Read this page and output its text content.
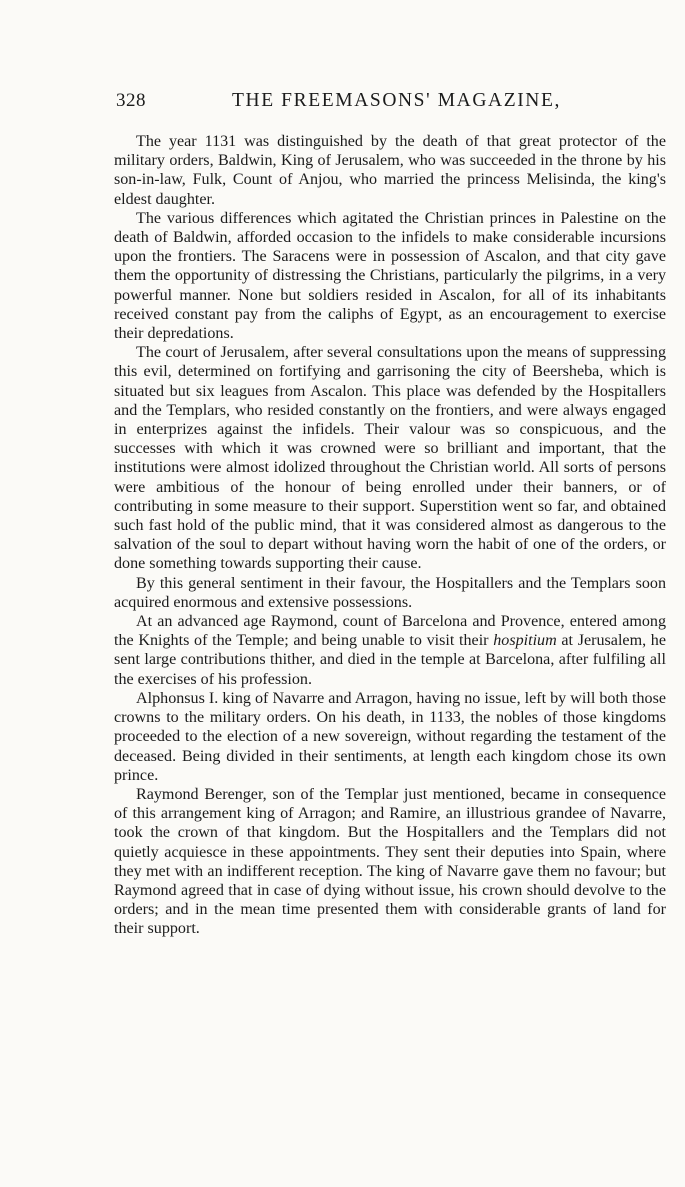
328	THE FREEMASONS' MAGAZINE,

The year 1131 was distinguished by the death of that great protector of the military orders, Baldwin, King of Jerusalem, who was succeeded in the throne by his son-in-law, Fulk, Count of Anjou, who married the princess Melisinda, the king's eldest daughter.

The various differences which agitated the Christian princes in Palestine on the death of Baldwin, afforded occasion to the infidels to make considerable incursions upon the frontiers. The Saracens were in possession of Ascalon, and that city gave them the opportunity of distressing the Christians, particularly the pilgrims, in a very powerful manner. None but soldiers resided in Ascalon, for all of its inhabitants received constant pay from the caliphs of Egypt, as an encouragement to exercise their depredations.

The court of Jerusalem, after several consultations upon the means of suppressing this evil, determined on fortifying and garrisoning the city of Beersheba, which is situated but six leagues from Ascalon. This place was defended by the Hospitallers and the Templars, who resided constantly on the frontiers, and were always engaged in enterprizes against the infidels. Their valour was so conspicuous, and the successes with which it was crowned were so brilliant and important, that the institutions were almost idolized throughout the Christian world. All sorts of persons were ambitious of the honour of being enrolled under their banners, or of contributing in some measure to their support. Superstition went so far, and obtained such fast hold of the public mind, that it was considered almost as dangerous to the salvation of the soul to depart without having worn the habit of one of the orders, or done something towards supporting their cause.

By this general sentiment in their favour, the Hospitallers and the Templars soon acquired enormous and extensive possessions.

At an advanced age Raymond, count of Barcelona and Provence, entered among the Knights of the Temple; and being unable to visit their hospitium at Jerusalem, he sent large contributions thither, and died in the temple at Barcelona, after fulfiling all the exercises of his profession.

Alphonsus I. king of Navarre and Arragon, having no issue, left by will both those crowns to the military orders. On his death, in 1133, the nobles of those kingdoms proceeded to the election of a new sovereign, without regarding the testament of the deceased. Being divided in their sentiments, at length each kingdom chose its own prince.

Raymond Berenger, son of the Templar just mentioned, became in consequence of this arrangement king of Arragon; and Ramire, an illustrious grandee of Navarre, took the crown of that kingdom. But the Hospitallers and the Templars did not quietly acquiesce in these appointments. They sent their deputies into Spain, where they met with an indifferent reception. The king of Navarre gave them no favour; but Raymond agreed that in case of dying without issue, his crown should devolve to the orders; and in the mean time presented them with considerable grants of land for their support.
